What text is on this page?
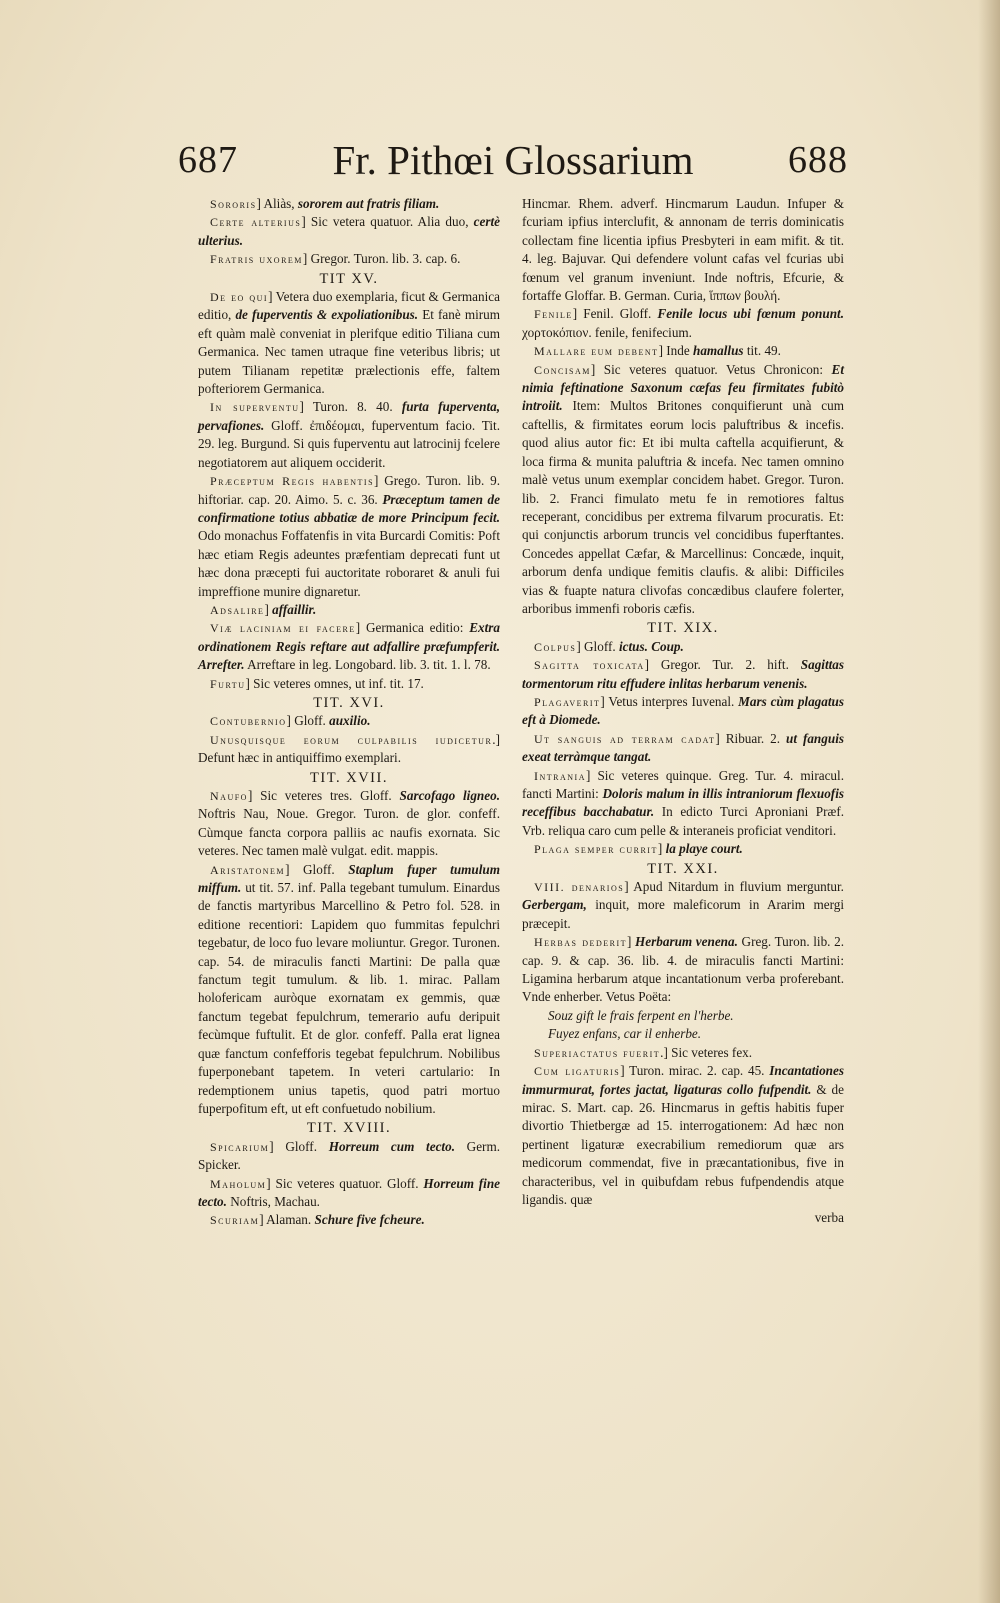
687	Fr. Pithœi Glossarium	688

Sororis] Aliàs, sororem aut fratris filiam.

Certe alterius] Sic vetera quatuor. Alia duo, certè ulterius.

Fratris uxorem] Gregor. Turon. lib. 3. cap. 6.

TIT XV.

De eo qui] Vetera duo exemplaria, ficut & Germanica editio, de fuperventis & expoliationibus. Et fanè mirum eft quàm malè conveniat in plerifque editio Tiliana cum Germanica. Nec tamen utraque fine veteribus libris; ut putem Tilianam repetitæ prælectionis effe, faltem pofteriorem Germanica.

In superventu] Turon. 8. 40. furta fuperventa, pervafiones. Gloff. ἐπιδέομαι, fuperventum facio. Tit. 29. leg. Burgund. Si quis fuperventu aut latrocinij fcelere negotiatorem aut aliquem occiderit.

Præceptum Regis habentis] Grego. Turon. lib. 9. hiftoriar. cap. 20. Aimo. 5. c. 36. Præceptum tamen de confirmatione totius abbatiæ de more Principum fecit. Odo monachus Foffatenfis in vita Burcardi Comitis: Poft hæc etiam Regis adeuntes præfentiam deprecati funt ut hæc dona præcepti fui auctoritate roboraret & anuli fui impreffione munire dignaretur.

Adsalire] affaillir.

Viæ laciniam ei facere] Germanica editio: Extra ordinationem Regis reftare aut adfallire præfumpferit. Arrefter. Arreftare in leg. Longobard. lib. 3. tit. 1. l. 78.

Furtu] Sic veteres omnes, ut inf. tit. 17.

TIT. XVI.

Contubernio] Gloff. auxilio.

Unusquisque eorum culpabilis iudicetur.] Defunt hæc in antiquiffimo exemplari.

TIT. XVII.

Naufo] Sic veteres tres. Gloff. Sarcofago ligneo. Noftris Nau, Noue. Gregor. Turon. de glor. confeff. Cùmque fancta corpora palliis ac naufis exornata. Sic veteres. Nec tamen malè vulgat. edit. mappis.

Aristatonem] Gloff. Staplum fuper tumulum miffum. ut tit. 57. inf. Palla tegebant tumulum. Einardus de fanctis martyribus Marcellino & Petro fol. 528. in editione recentiori: Lapidem quo fummitas fepulchri tegebatur, de loco fuo levare moliuntur. Gregor. Turonen. cap. 54. de miraculis fancti Martini: De palla quæ fanctum tegit tumulum. & lib. 1. mirac. Pallam holofericam auròque exornatam ex gemmis, quæ fanctum tegebat fepulchrum, temerario aufu deripuit fecùmque fuftulit. Et de glor. confeff. Palla erat lignea quæ fanctum confefforis tegebat fepulchrum. Nobilibus fuperponebant tapetem. In veteri cartulario: In redemptionem unius tapetis, quod patri mortuo fuperpofitum eft, ut eft confuetudo nobilium.

TIT. XVIII.

Spicarium] Gloff. Horreum cum tecto. Germ. Spicker.

Maholum] Sic veteres quatuor. Gloff. Horreum fine tecto. Noftris, Machau.

Scuriam] Alaman. Schure five fcheure.

Hincmar. Rhem. adverf. Hincmarum Laudun. Infuper & fcuriam ipfius interclufit, & annonam de terris dominicatis collectam fine licentia ipfius Presbyteri in eam mifit. & tit. 4. leg. Bajuvar. Qui defendere volunt cafas vel fcurias ubi fœnum vel granum inveniunt. Inde noftris, Efcurie, & fortaffe Gloffar. B. German. Curia, ἵππων βουλή.

Fenile] Fenil. Gloff. Fenile locus ubi fœnum ponunt. χορτοκόπιον. fenile, fenifecium.

Mallare eum debent] Inde hamallus tit. 49.

Concisam] Sic veteres quatuor. Vetus Chronicon: Et nimia feftinatione Saxonum cæfas feu firmitates fubitò introiit. Item: Multos Britones conquifierunt unà cum caftellis, & firmitates eorum locis paluftribus & incefis. quod alius autor fic: Et ibi multa caftella acquifierunt, & loca firma & munita paluftria & incefa. Nec tamen omnino malè vetus unum exemplar concidem habet. Gregor. Turon. lib. 2. Franci fimulato metu fe in remotiores faltus receperant, concidibus per extrema filvarum procuratis. Et: qui conjunctis arborum truncis vel concidibus fuperftantes. Concedes appellat Cæfar, & Marcellinus: Concæde, inquit, arborum denfa undique femitis claufis. & alibi: Difficiles vias & fuapte natura clivofas concædibus claufere folerter, arboribus immenfi roboris cæfis.

TIT. XIX.

Colpus] Gloff. ictus. Coup.

Sagitta toxicata] Gregor. Tur. 2. hift. Sagittas tormentorum ritu effudere inlitas herbarum venenis.

Plagaverit] Vetus interpres Iuvenal. Mars cùm plagatus eft à Diomede.

Ut sanguis ad terram cadat] Ribuar. 2. ut fanguis exeat terràmque tangat.

Intrania] Sic veteres quinque. Greg. Tur. 4. miracul. fancti Martini: Doloris malum in illis intraniorum flexuofis receffibus bacchabatur. In edicto Turci Aproniani Præf. Vrb. reliqua caro cum pelle & interaneis proficiat venditori.

Plaga semper currit] la playe court.

TIT. XXI.

VIII. denarios] Apud Nitardum in fluvium merguntur. Gerbergam, inquit, more maleficorum in Ararim mergi præcepit.

Herbas dederit] Herbarum venena. Greg. Turon. lib. 2. cap. 9. & cap. 36. lib. 4. de miraculis fancti Martini: Ligamina herbarum atque incantationum verba proferebant. Vnde enherber. Vetus Poëta:

Souz gift le frais ferpent en l'herbe.

Fuyez enfans, car il enherbe.

Superiactatus fuerit.] Sic veteres fex.

Cum ligaturis] Turon. mirac. 2. cap. 45. Incantationes immurmurat, fortes jactat, ligaturas collo fufpendit. & de mirac. S. Mart. cap. 26. Hincmarus in geftis habitis fuper divortio Thietbergæ ad 15. interrogationem: Ad hæc non pertinent ligaturæ execrabilium remediorum quæ ars medicorum commendat, five in præcantationibus, five in characteribus, vel in quibufdam rebus fufpendendis atque ligandis. quæ

verba
